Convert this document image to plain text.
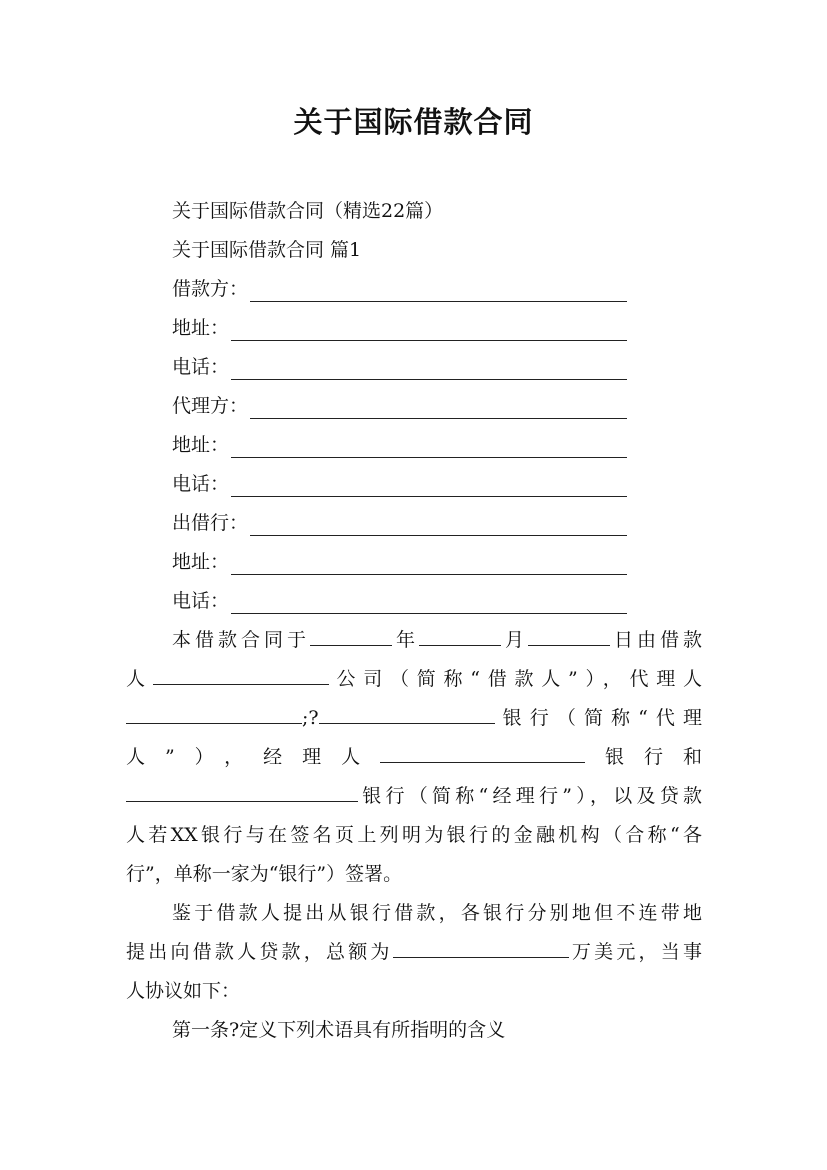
关于国际借款合同
关于国际借款合同（精选22篇）
关于国际借款合同 篇1
借款方：
地址：
电话：
代理方：
地址：
电话：
出借行：
地址：
电话：
本借款合同于	年	月	日由借款
人	公司（简称“借款人”），代理人
;?	银行（简称“代理
人”），经理人	银行和
银行（简称“经理行”），以及贷款
人若XX银行与在签名页上列明为银行的金融机构（合称“各
行”，单称一家为“银行”）签署。
鉴于借款人提出从银行借款，各银行分别地但不连带地
提出向借款人贷款，总额为	万美元，当事
人协议如下：
第一条?定义下列术语具有所指明的含义
